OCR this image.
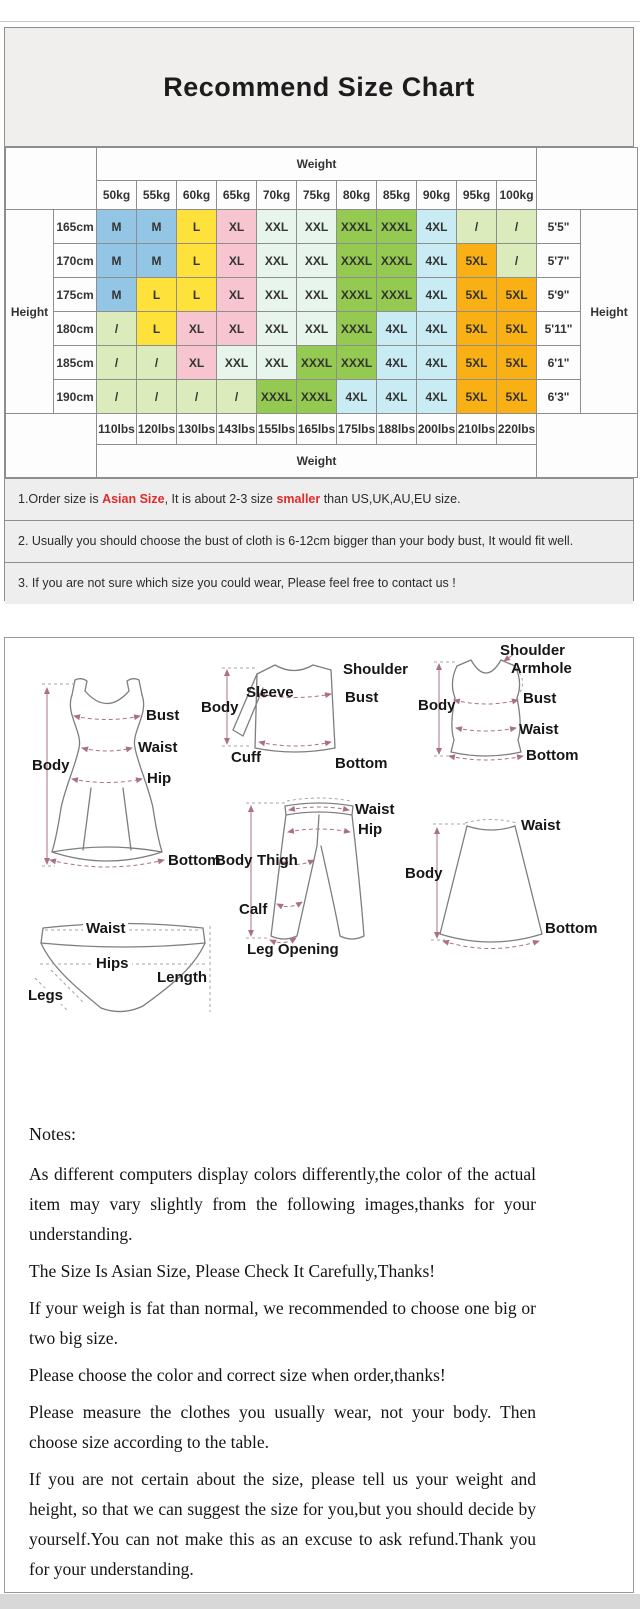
Recommend Size Chart
		Weight												
		50kg	55kg	60kg	65kg	70kg	75kg	80kg	85kg	90kg	95kg	100kg		
Height	165cm	M	M	L	XL	XXL	XXL	XXXL	XXXL	4XL	/	/	5'5"	Height
	170cm	M	M	L	XL	XXL	XXL	XXXL	XXXL	4XL	5XL	/	5'7"	
	175cm	M	L	L	XL	XXL	XXL	XXXL	XXXL	4XL	5XL	5XL	5'9"	
	180cm	/	L	XL	XL	XXL	XXL	XXXL	4XL	4XL	5XL	5XL	5'11"	
	185cm	/	/	XL	XXL	XXL	XXXL	XXXL	4XL	4XL	5XL	5XL	6'1"	
	190cm	/	/	/	/	XXXL	XXXL	4XL	4XL	4XL	5XL	5XL	6'3"	
		110lbs	120lbs	130lbs	143lbs	155lbs	165lbs	175lbs	188lbs	200lbs	210lbs	220lbs		
		Weight												
1.Order size is Asian Size, It is about 2-3 size smaller than US,UK,AU,EU size.
2. Usually you should choose the bust of cloth is 6-12cm bigger than your body bust, It would fit well.
3. If you are not sure which size you could wear, Please feel free to contact us !
Body
Bust
Waist
Hip
Bottom
Sleeve
Shoulder
Body
Bust
Cuff	Bottom
Shoulder
Armhole
Body	Bust
Waist
Bottom
Waist
Hip
Body Thigh
Calf
Leg Opening
Waist
Body
Bottom
Waist
Hips
Length
Legs
Notes:

As different computers display colors differently,the color of the actual item may vary slightly from the following images,thanks for your understanding.

The Size Is Asian Size, Please Check It Carefully,Thanks!

If your weigh is fat than normal, we recommended to choose one big or two big size.

Please choose the color and correct size when order,thanks!

Please measure the clothes you usually wear, not your body. Then choose size according to the table.

If you are not certain about the size, please tell us your weight and height, so that we can suggest the size for you,but you should decide by yourself.You can not make this as an excuse to ask refund.Thank you for your understanding.
